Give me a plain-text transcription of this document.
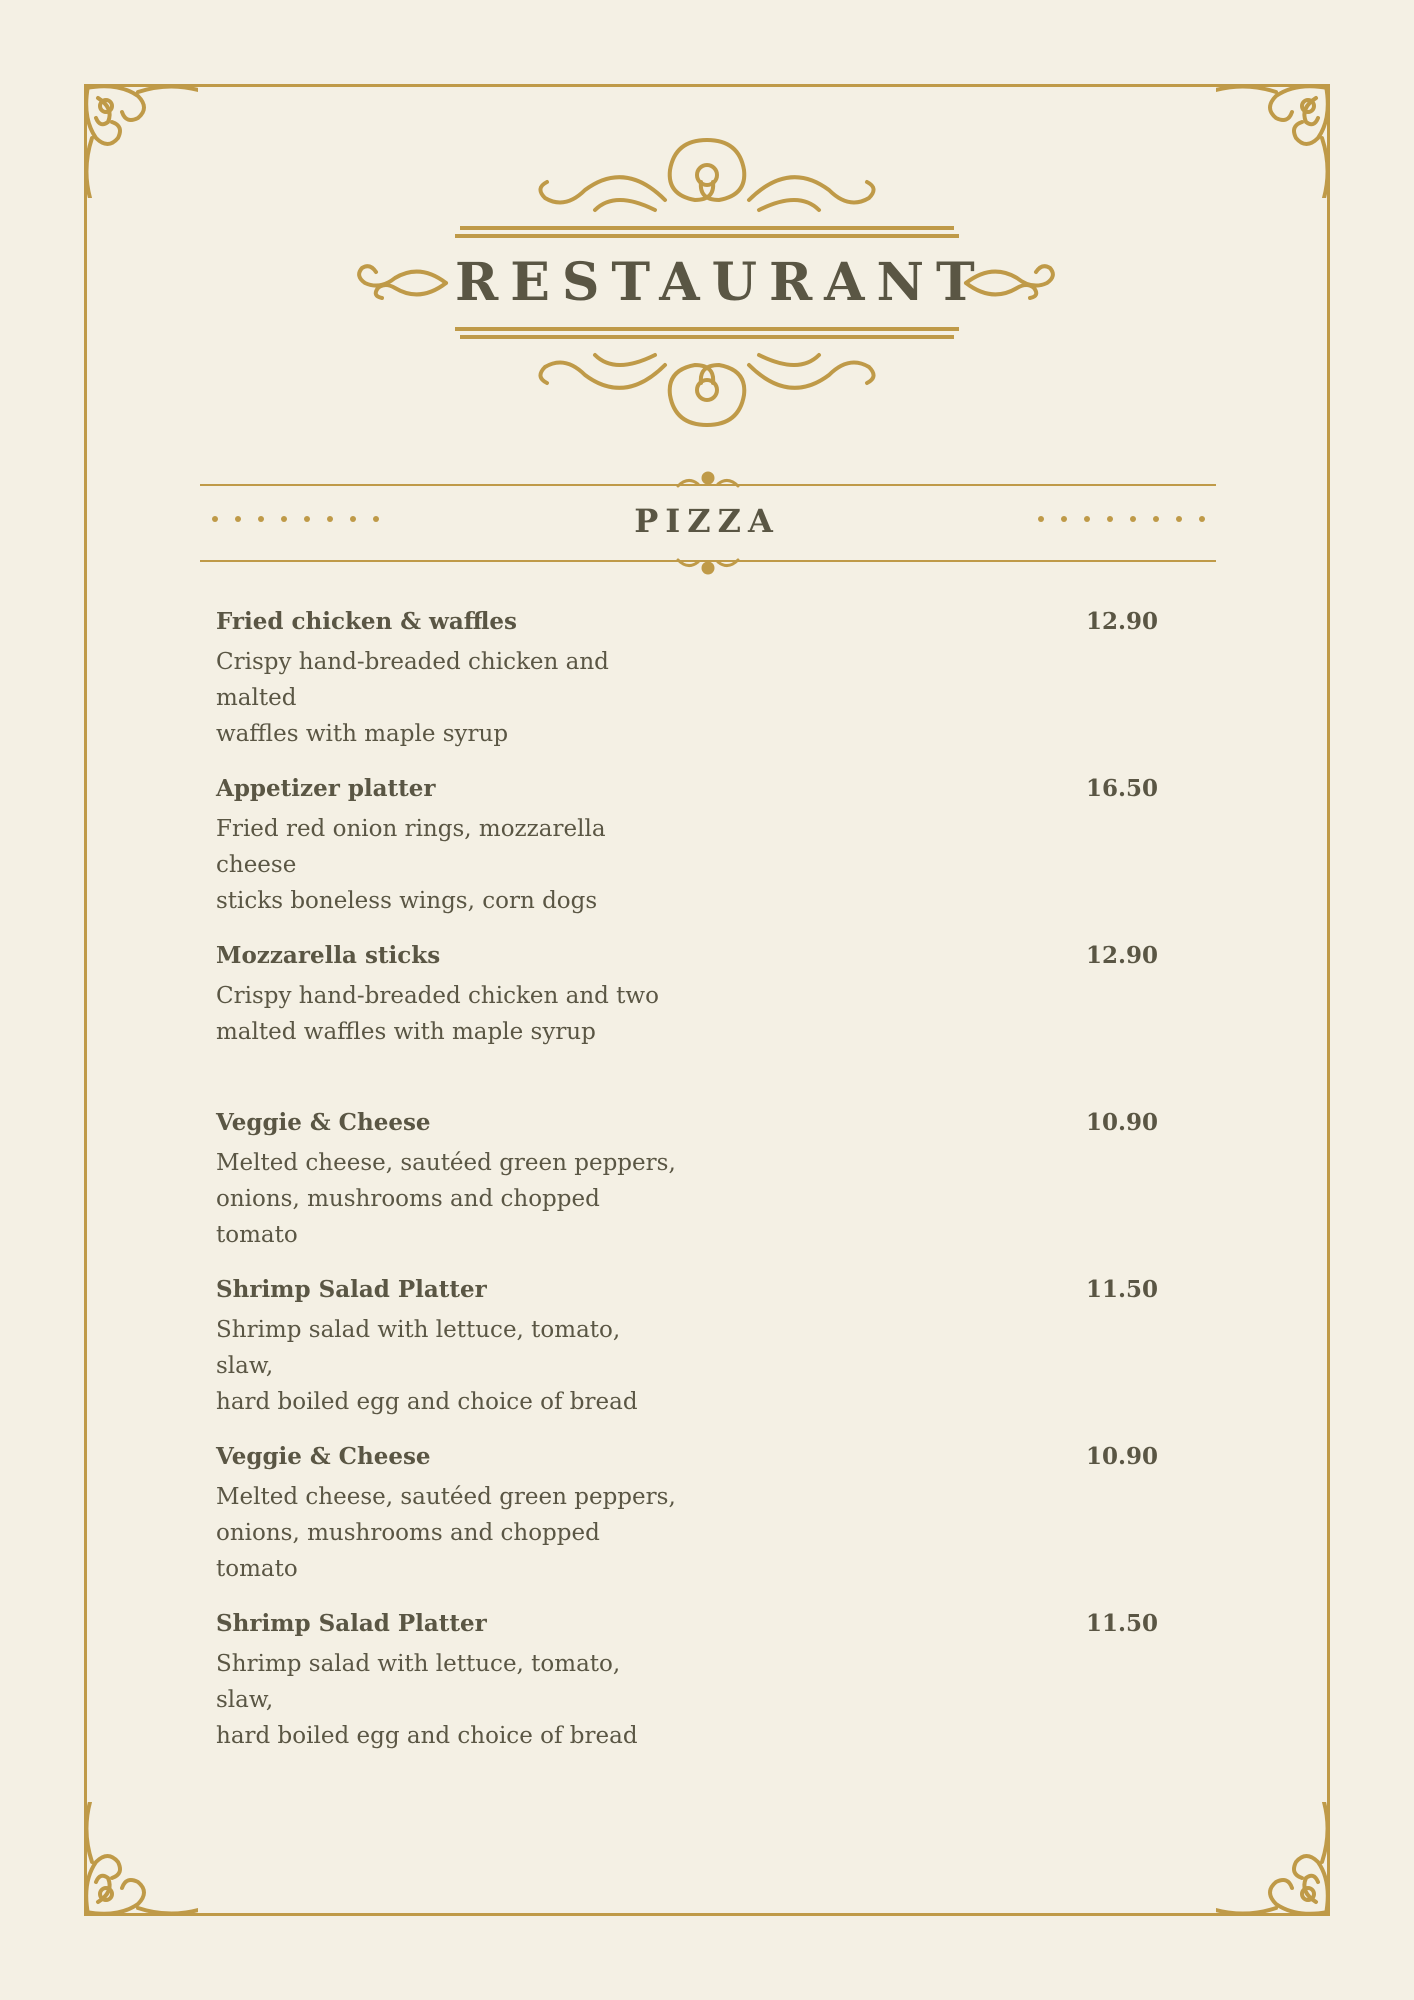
RESTAURANT
PIZZA
Fried chicken & waffles	12.90
Crispy hand-breaded chicken and malted
waffles with maple syrup
Appetizer platter	16.50
Fried red onion rings, mozzarella cheese
sticks boneless wings, corn dogs
Mozzarella sticks	12.90
Crispy hand-breaded chicken and two
malted waffles with maple syrup
Veggie & Cheese	10.90
Melted cheese, sautéed green peppers,
onions, mushrooms and chopped tomato
Shrimp Salad Platter	11.50
Shrimp salad with lettuce, tomato, slaw,
hard boiled egg and choice of bread
Veggie & Cheese	10.90
Melted cheese, sautéed green peppers,
onions, mushrooms and chopped tomato
Shrimp Salad Platter	11.50
Shrimp salad with lettuce, tomato, slaw,
hard boiled egg and choice of bread
